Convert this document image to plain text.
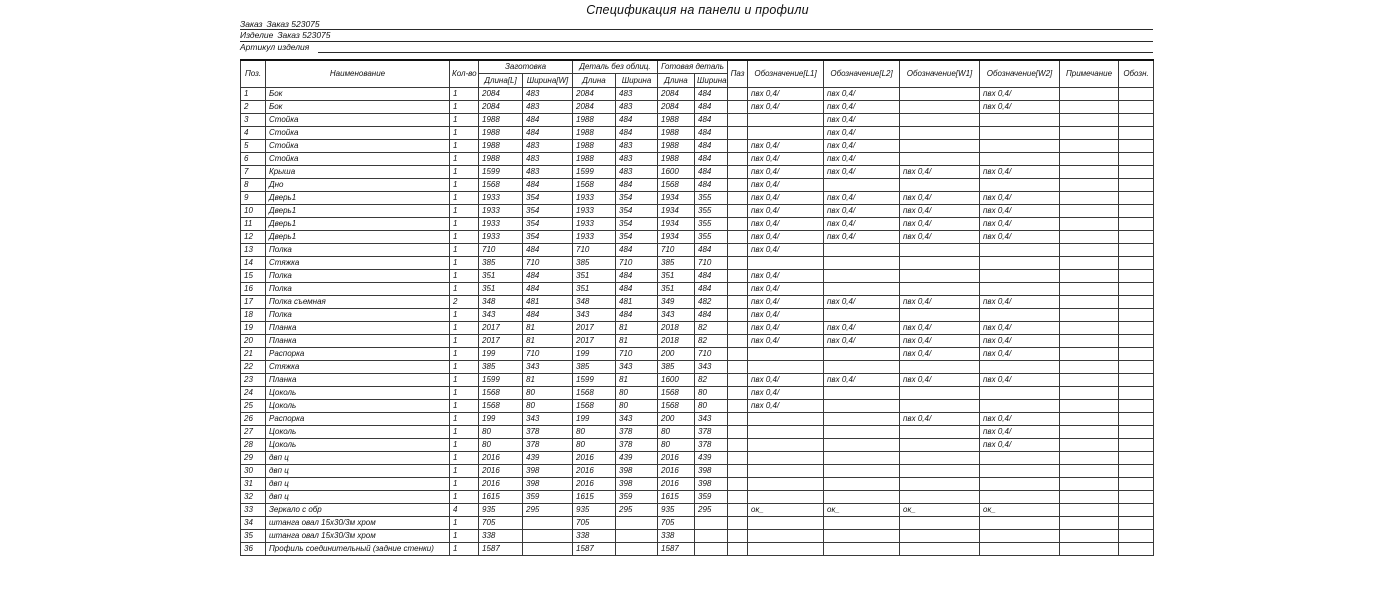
Спецификация на панели и профили
Заказ Заказ 523075
Изделие Заказ 523075
Артикул изделия
Поз.	Наименование	Кол-во	Заготовка		Деталь без облиц.		Готовая деталь		Паз	Обозначение[L1]	Обозначение[L2]	Обозначение[W1]	Обозначение[W2]	Примечание	Обозн.
			Длина[L]	Ширина[W]	Длина	Ширина	Длина	Ширина							
1	Бок	1	2084	483	2084	483	2084	484		пвх 0,4/	пвх 0,4/		пвх 0,4/		
2	Бок	1	2084	483	2084	483	2084	484		пвх 0,4/	пвх 0,4/		пвх 0,4/		
3	Стойка	1	1988	484	1988	484	1988	484			пвх 0,4/				
4	Стойка	1	1988	484	1988	484	1988	484			пвх 0,4/				
5	Стойка	1	1988	483	1988	483	1988	484		пвх 0,4/	пвх 0,4/				
6	Стойка	1	1988	483	1988	483	1988	484		пвх 0,4/	пвх 0,4/				
7	Крыша	1	1599	483	1599	483	1600	484		пвх 0,4/	пвх 0,4/	пвх 0,4/	пвх 0,4/		
8	Дно	1	1568	484	1568	484	1568	484		пвх 0,4/					
9	Дверь1	1	1933	354	1933	354	1934	355		пвх 0,4/	пвх 0,4/	пвх 0,4/	пвх 0,4/		
10	Дверь1	1	1933	354	1933	354	1934	355		пвх 0,4/	пвх 0,4/	пвх 0,4/	пвх 0,4/		
11	Дверь1	1	1933	354	1933	354	1934	355		пвх 0,4/	пвх 0,4/	пвх 0,4/	пвх 0,4/		
12	Дверь1	1	1933	354	1933	354	1934	355		пвх 0,4/	пвх 0,4/	пвх 0,4/	пвх 0,4/		
13	Полка	1	710	484	710	484	710	484		пвх 0,4/					
14	Стяжка	1	385	710	385	710	385	710							
15	Полка	1	351	484	351	484	351	484		пвх 0,4/					
16	Полка	1	351	484	351	484	351	484		пвх 0,4/					
17	Полка съемная	2	348	481	348	481	349	482		пвх 0,4/	пвх 0,4/	пвх 0,4/	пвх 0,4/		
18	Полка	1	343	484	343	484	343	484		пвх 0,4/					
19	Планка	1	2017	81	2017	81	2018	82		пвх 0,4/	пвх 0,4/	пвх 0,4/	пвх 0,4/		
20	Планка	1	2017	81	2017	81	2018	82		пвх 0,4/	пвх 0,4/	пвх 0,4/	пвх 0,4/		
21	Распорка	1	199	710	199	710	200	710				пвх 0,4/	пвх 0,4/		
22	Стяжка	1	385	343	385	343	385	343							
23	Планка	1	1599	81	1599	81	1600	82		пвх 0,4/	пвх 0,4/	пвх 0,4/	пвх 0,4/		
24	Цоколь	1	1568	80	1568	80	1568	80		пвх 0,4/					
25	Цоколь	1	1568	80	1568	80	1568	80		пвх 0,4/					
26	Распорка	1	199	343	199	343	200	343				пвх 0,4/	пвх 0,4/		
27	Цоколь	1	80	378	80	378	80	378					пвх 0,4/		
28	Цоколь	1	80	378	80	378	80	378					пвх 0,4/		
29	двп ц	1	2016	439	2016	439	2016	439							
30	двп ц	1	2016	398	2016	398	2016	398							
31	двп ц	1	2016	398	2016	398	2016	398							
32	двп ц	1	1615	359	1615	359	1615	359							
33	Зеркало с обр	4	935	295	935	295	935	295		ок_	ок_	ок_	ок_		
34	штанга овал 15х30/3м хром	1	705		705		705								
35	штанга овал 15х30/3м хром	1	338		338		338								
36	Профиль соединительный (задние стенки)	1	1587		1587		1587								
